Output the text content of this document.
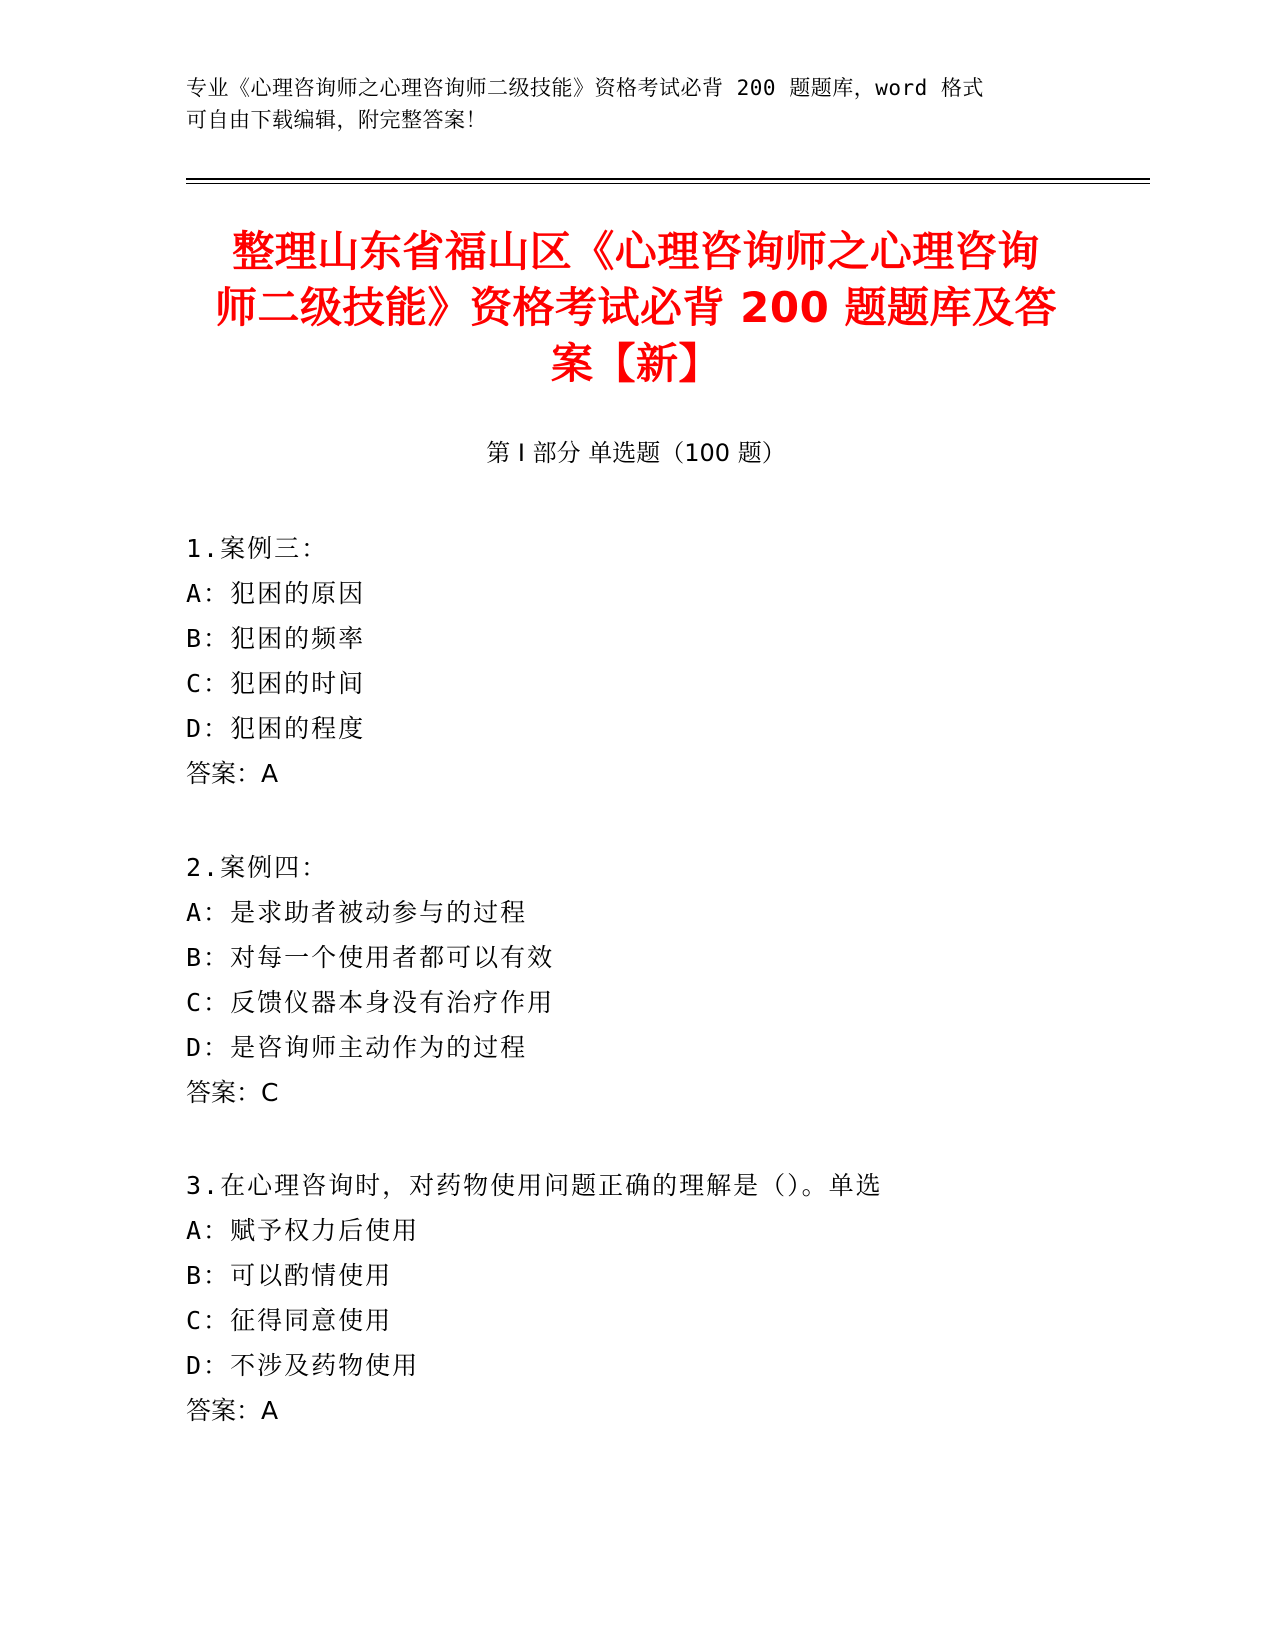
专业《心理咨询师之心理咨询师二级技能》资格考试必背 200 题题库，word 格式
可自由下载编辑，附完整答案！
整理山东省福山区《心理咨询师之心理咨询
师二级技能》资格考试必背 200 题题库及答
案【新】
第 I 部分 单选题（100 题）
1.案例三：
A：犯困的原因
B：犯困的频率
C：犯困的时间
D：犯困的程度
答案：A
2.案例四：
A：是求助者被动参与的过程
B：对每一个使用者都可以有效
C：反馈仪器本身没有治疗作用
D：是咨询师主动作为的过程
答案：C
3.在心理咨询时，对药物使用问题正确的理解是（）。单选
A：赋予权力后使用
B：可以酌情使用
C：征得同意使用
D：不涉及药物使用
答案：A
